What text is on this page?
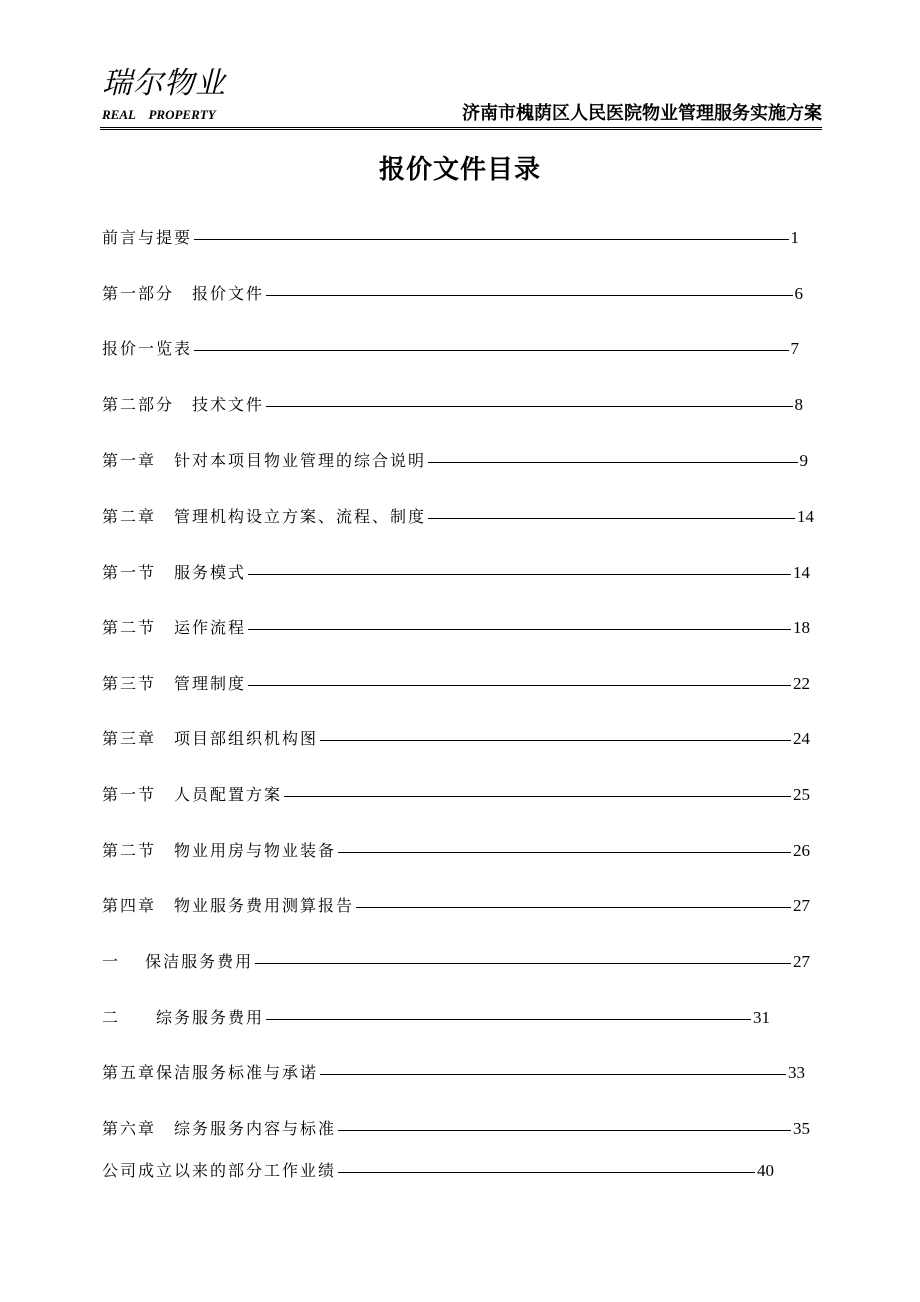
瑞尔物业
REAL    PROPERTY	济南市槐荫区人民医院物业管理服务实施方案
报价文件目录
前言与提要	1
第一部分　报价文件	6
报价一览表	7
第二部分　技术文件	8
第一章　针对本项目物业管理的综合说明	9
第二章　管理机构设立方案、流程、制度	14
第一节　服务模式	14
第二节　运作流程	18
第三节　管理制度	22
第三章　项目部组织机构图	24
第一节　人员配置方案	25
第二节　物业用房与物业装备	26
第四章　物业服务费用测算报告	27
一　 保洁服务费用	27
二　　综务服务费用	31
第五章保洁服务标准与承诺	33
第六章　综务服务内容与标准	35
公司成立以来的部分工作业绩	40
